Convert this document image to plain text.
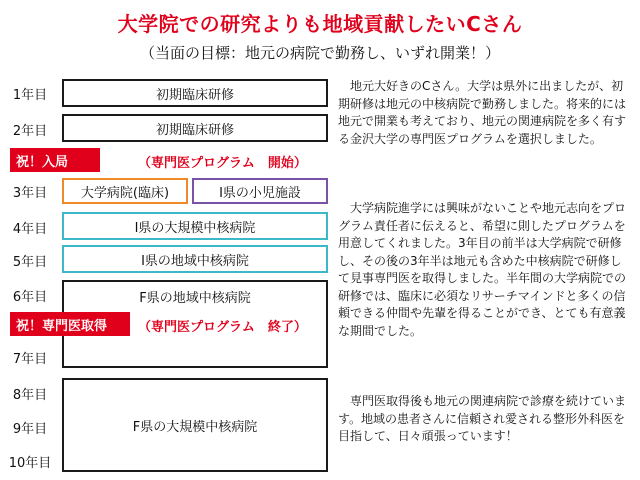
大学院での研究よりも地域貢献したいCさん
（当面の目標：地元の病院で勤務し、いずれ開業！）
1年目
2年目
3年目
4年目
5年目
6年目
7年目
8年目
9年目
10年目
初期臨床研修
初期臨床研修
祝！入局	（専門医プログラム　開始）
大学病院(臨床)	I県の小児施設
I県の大規模中核病院
I県の地域中核病院
F県の地域中核病院
祝！専門医取得	（専門医プログラム　終了）
F県の大規模中核病院

地元大好きのCさん。大学は県外に出ましたが、初期研修は地元の中核病院で勤務しました。将来的には地元で開業も考えており、地元の関連病院を多く有する金沢大学の専門医プログラムを選択しました。

大学病院進学には興味がないことや地元志向をプログラム責任者に伝えると、希望に則したプログラムを用意してくれました。3年目の前半は大学病院で研修し、その後の3年半は地元も含めた中核病院で研修して見事専門医を取得しました。半年間の大学病院での研修では、臨床に必須なリサーチマインドと多くの信頼できる仲間や先輩を得ることができ、とても有意義な期間でした。

専門医取得後も地元の関連病院で診療を続けています。地域の患者さんに信頼され愛される整形外科医を目指して、日々頑張っています！
